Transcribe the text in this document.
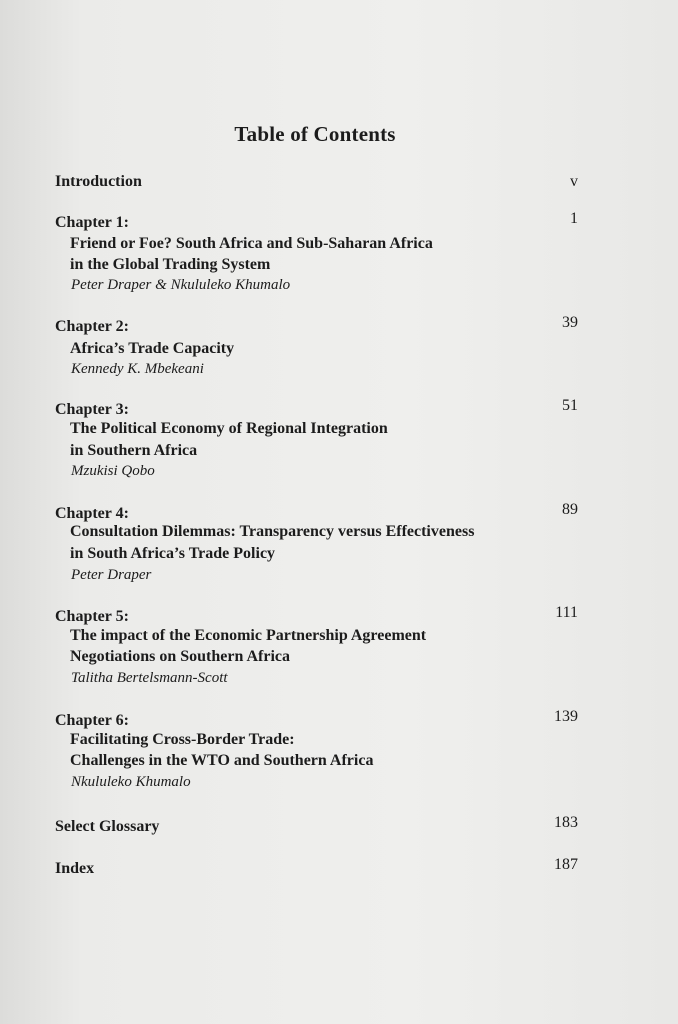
Table of Contents
Introduction	v
Chapter 1:	1
Friend or Foe? South Africa and Sub-Saharan Africa
in the Global Trading System
Peter Draper & Nkululeko Khumalo
Chapter 2:	39
Africa’s Trade Capacity
Kennedy K. Mbekeani
Chapter 3:	51
The Political Economy of Regional Integration
in Southern Africa
Mzukisi Qobo
Chapter 4:	89
Consultation Dilemmas: Transparency versus Effectiveness
in South Africa’s Trade Policy
Peter Draper
Chapter 5:	111
The impact of the Economic Partnership Agreement
Negotiations on Southern Africa
Talitha Bertelsmann-Scott
Chapter 6:	139
Facilitating Cross-Border Trade:
Challenges in the WTO and Southern Africa
Nkululeko Khumalo
Select Glossary	183
Index	187
